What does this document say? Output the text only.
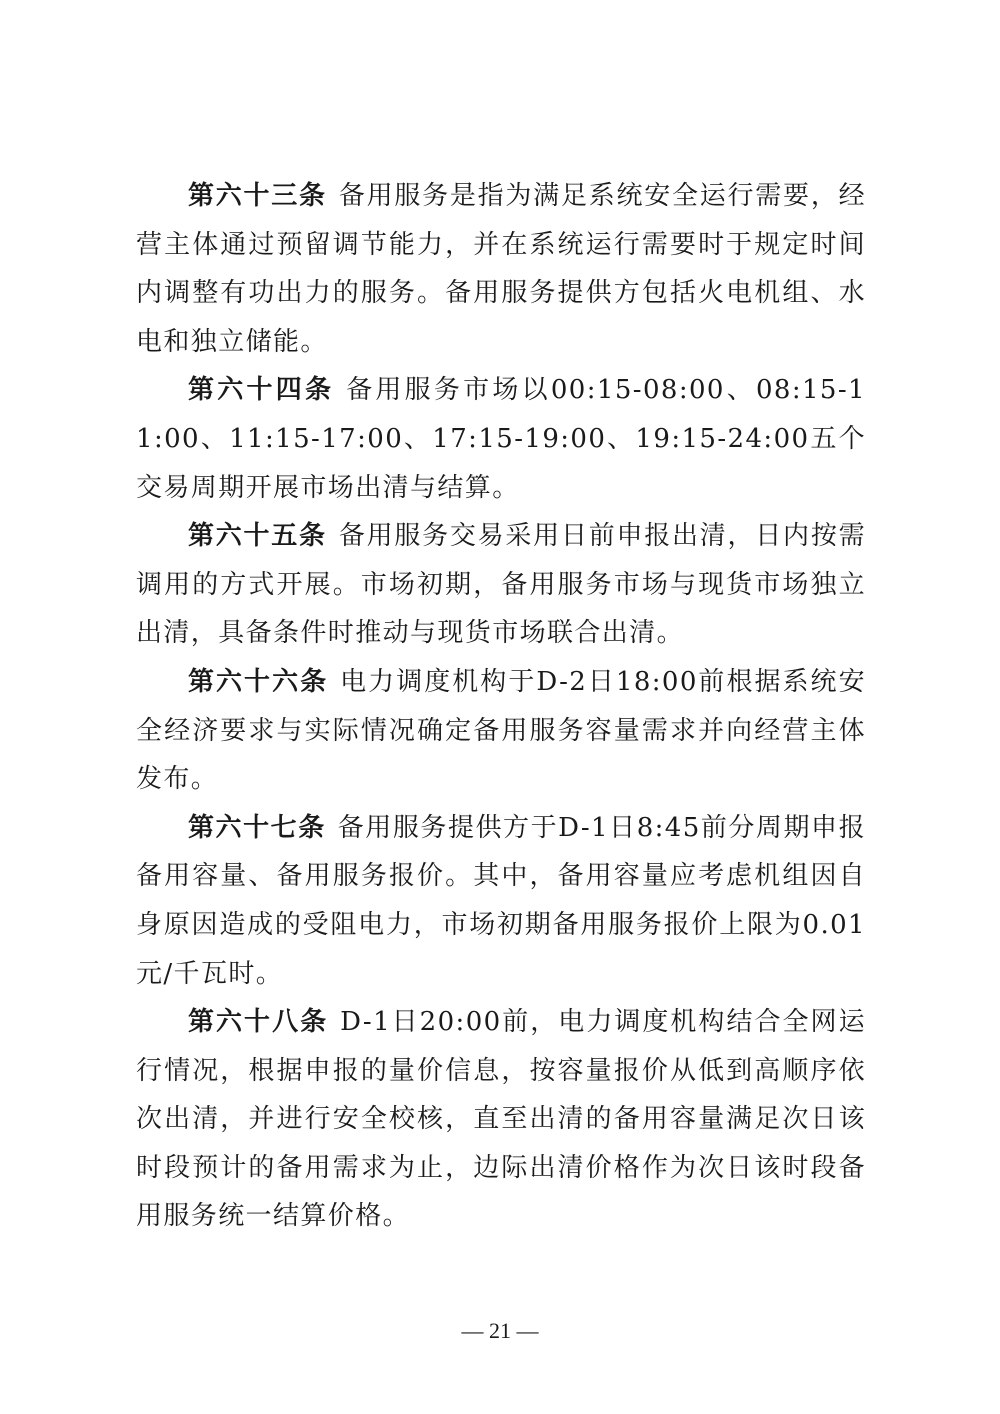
第六十三条 备用服务是指为满足系统安全运行需要，经营主体通过预留调节能力，并在系统运行需要时于规定时间内调整有功出力的服务。备用服务提供方包括火电机组、水电和独立储能。

第六十四条 备用服务市场以00:15-08:00、08:15-11:00、11:15-17:00、17:15-19:00、19:15-24:00五个交易周期开展市场出清与结算。

第六十五条 备用服务交易采用日前申报出清，日内按需调用的方式开展。市场初期，备用服务市场与现货市场独立出清，具备条件时推动与现货市场联合出清。

第六十六条 电力调度机构于D-2日18:00前根据系统安全经济要求与实际情况确定备用服务容量需求并向经营主体发布。

第六十七条 备用服务提供方于D-1日8:45前分周期申报备用容量、备用服务报价。其中，备用容量应考虑机组因自身原因造成的受阻电力，市场初期备用服务报价上限为0.01元/千瓦时。

第六十八条 D-1日20:00前，电力调度机构结合全网运行情况，根据申报的量价信息，按容量报价从低到高顺序依次出清，并进行安全校核，直至出清的备用容量满足次日该时段预计的备用需求为止，边际出清价格作为次日该时段备用服务统一结算价格。

— 21 —
